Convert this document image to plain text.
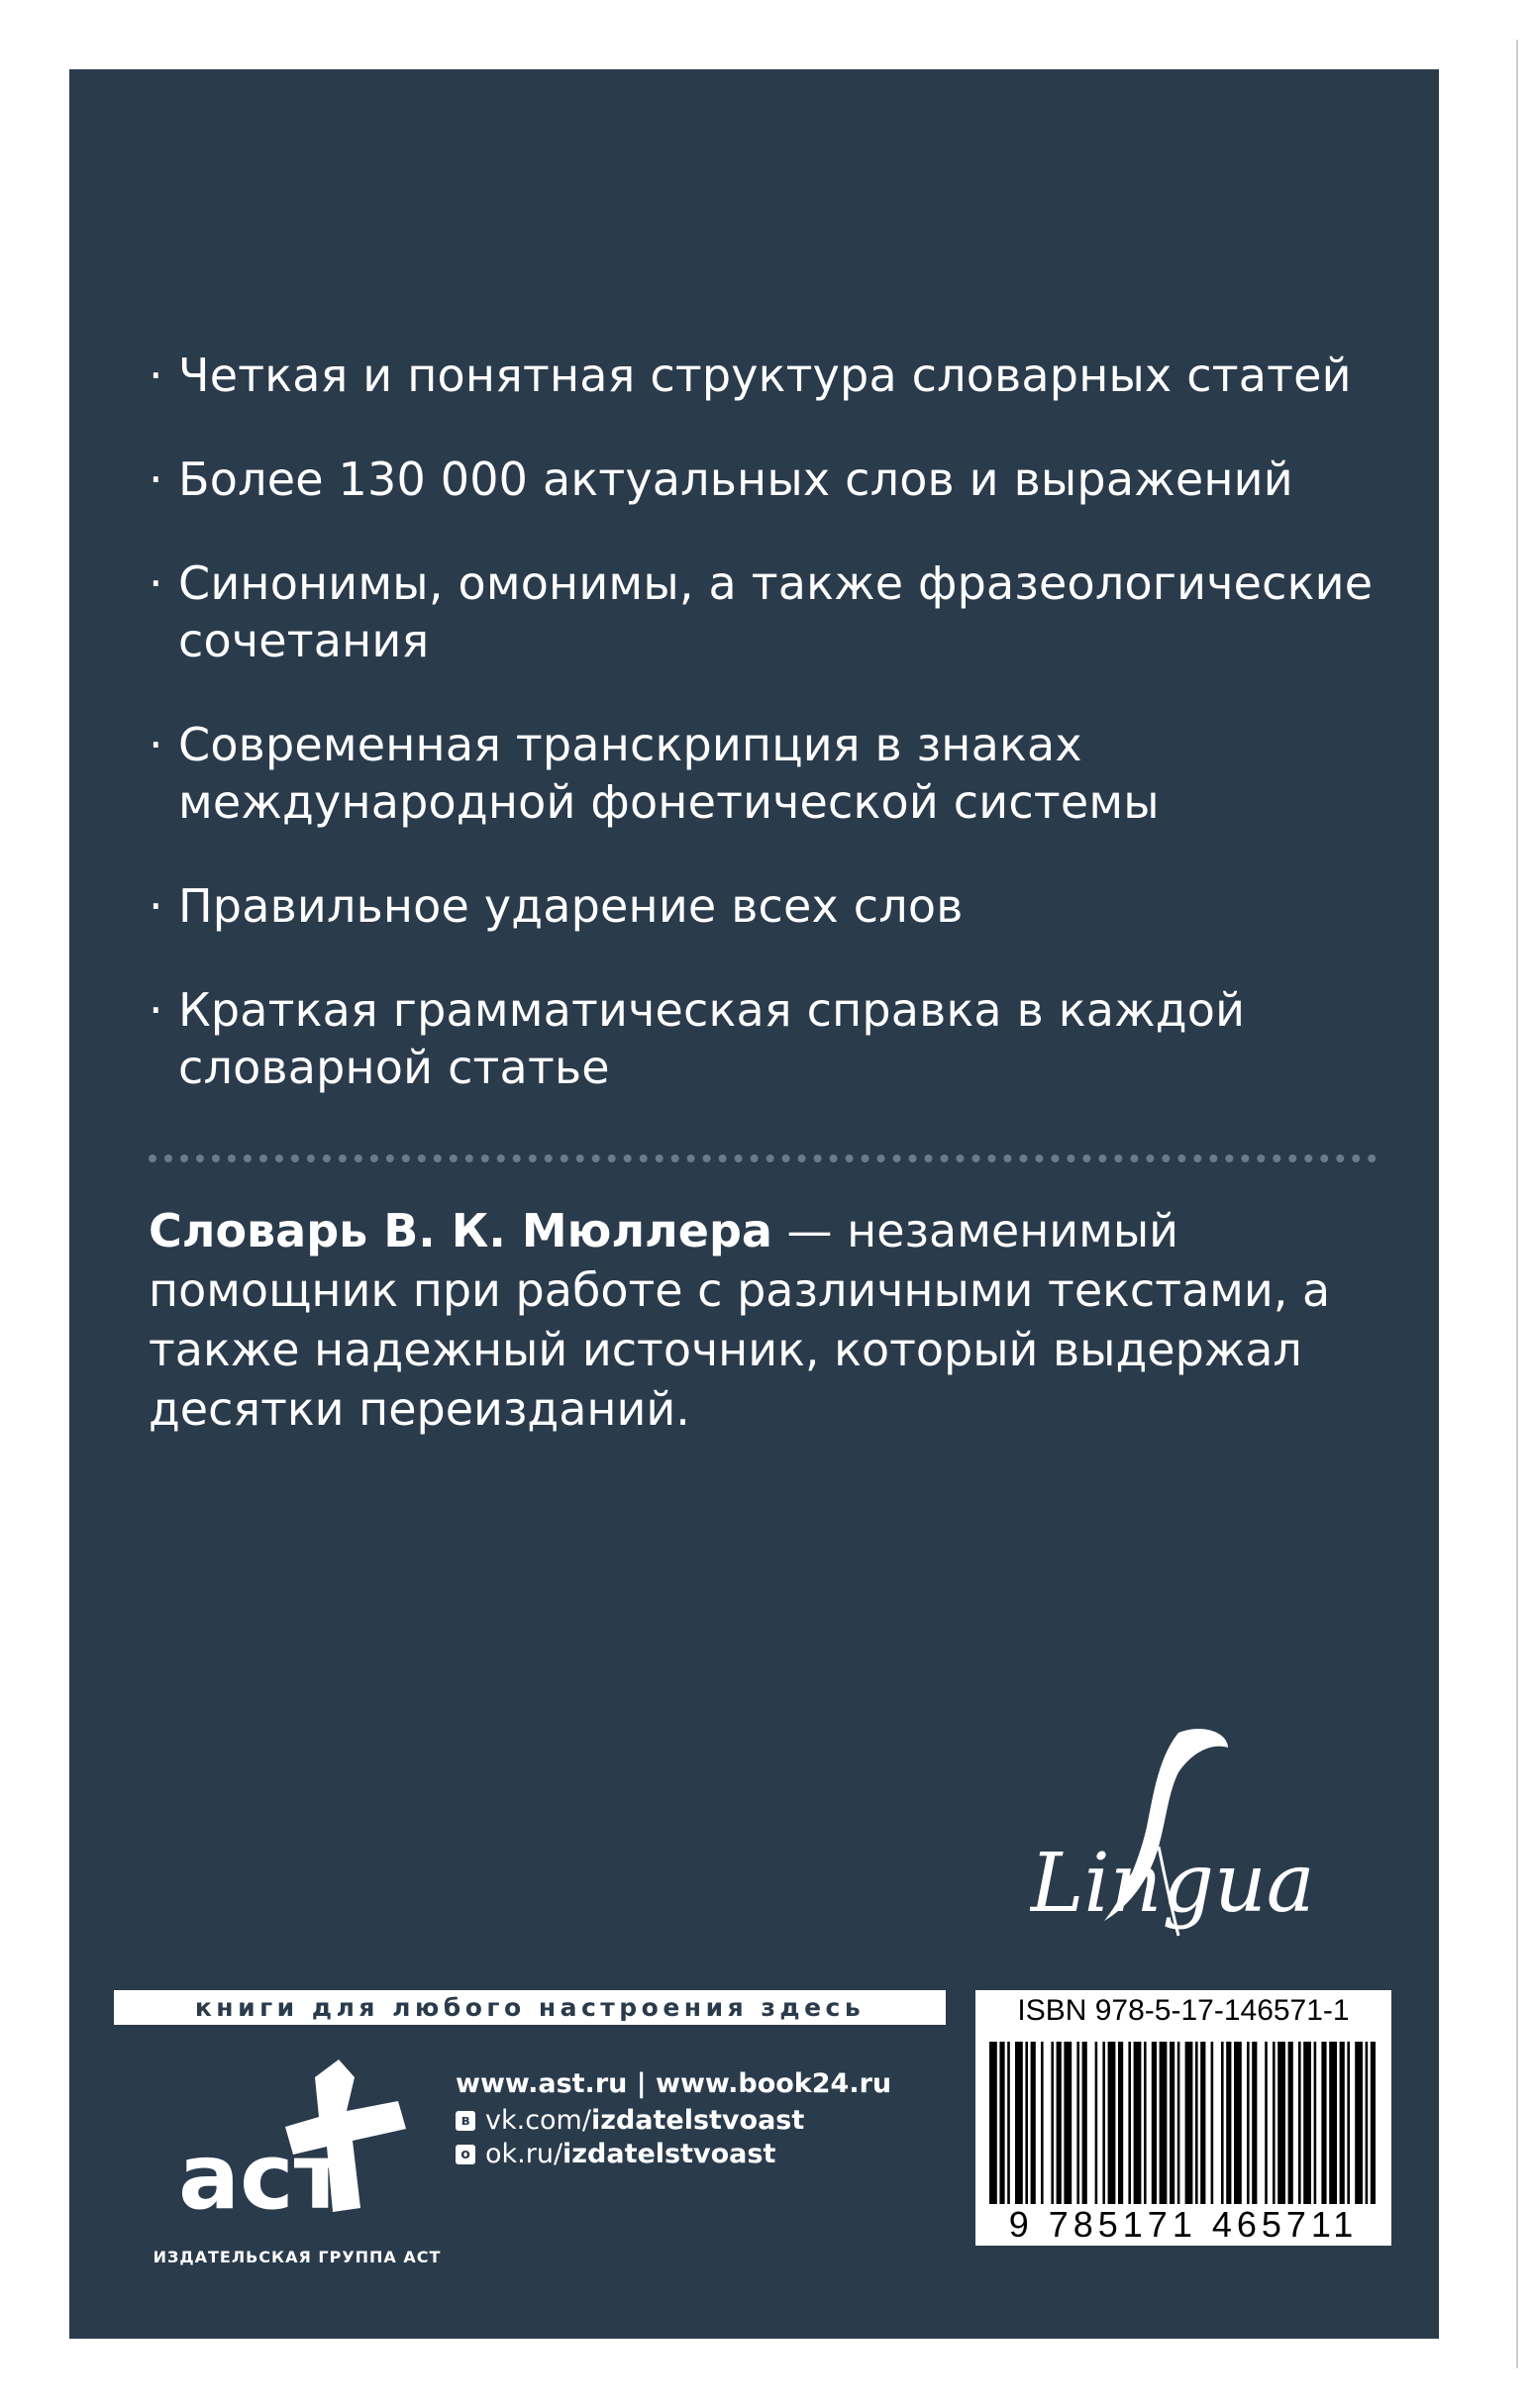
· Четкая и понятная структура словарных статей
· Более 130 000 актуальных слов и выражений
· Синонимы, омонимы, а также фразеологические сочетания
· Современная транскрипция в знаках международной фонетической системы
· Правильное ударение всех слов
· Краткая грамматическая справка в каждой словарной статье
Словарь В. К. Мюллера — незаменимый помощник при работе с различными текстами, а также надежный источник, который выдержал десятки переизданий.
Lingua
книги для любого настроения здесь
аст
ИЗДАТЕЛЬСКАЯ ГРУППА АСТ
www.ast.ru | www.book24.ru
в vk.com/ izdatelstvoast
о ok.ru/ izdatelstvoast
ISBN 978-5-17-146571-1
9 785171 465711
